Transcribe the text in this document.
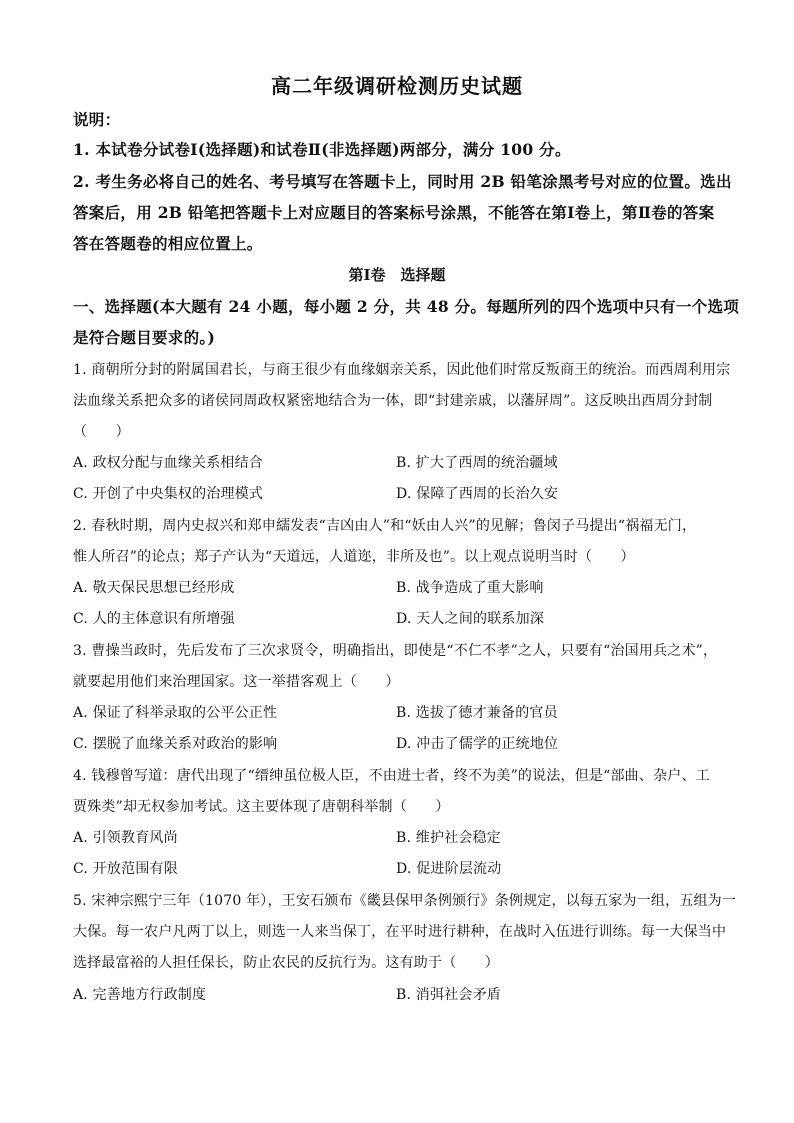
高二年级调研检测历史试题
说明：
1. 本试卷分试卷Ⅰ(选择题)和试卷Ⅱ(非选择题)两部分，满分 100 分。
2. 考生务必将自己的姓名、考号填写在答题卡上，同时用 2B 铅笔涂黑考号对应的位置。选出
答案后，用 2B 铅笔把答题卡上对应题目的答案标号涂黑，不能答在第Ⅰ卷上，第Ⅱ卷的答案
答在答题卷的相应位置上。
第Ⅰ卷　选择题
一、选择题(本大题有 24 小题，每小题 2 分，共 48 分。每题所列的四个选项中只有一个选项
是符合题目要求的。)
1. 商朝所分封的附属国君长，与商王很少有血缘姻亲关系，因此他们时常反叛商王的统治。而西周利用宗
法血缘关系把众多的诸侯同周政权紧密地结合为一体，即“封建亲戚，以藩屏周”。这反映出西周分封制
（　　）
A. 政权分配与血缘关系相结合	B. 扩大了西周的统治疆域
C. 开创了中央集权的治理模式	D. 保障了西周的长治久安
2. 春秋时期，周内史叔兴和郑申繻发表“吉凶由人”和“妖由人兴”的见解；鲁闵子马提出“祸福无门，
惟人所召”的论点；郑子产认为“天道远，人道迩，非所及也”。以上观点说明当时（　　）
A. 敬天保民思想已经形成	B. 战争造成了重大影响
C. 人的主体意识有所增强	D. 天人之间的联系加深
3. 曹操当政时，先后发布了三次求贤令，明确指出，即使是“不仁不孝”之人，只要有“治国用兵之术”，
就要起用他们来治理国家。这一举措客观上（　　）
A. 保证了科举录取的公平公正性	B. 选拔了德才兼备的官员
C. 摆脱了血缘关系对政治的影响	D. 冲击了儒学的正统地位
4. 钱穆曾写道：唐代出现了“缙绅虽位极人臣，不由进士者，终不为美”的说法，但是“部曲、杂户、工
贾殊类”却无权参加考试。这主要体现了唐朝科举制（　　）
A. 引领教育风尚	B. 维护社会稳定
C. 开放范围有限	D. 促进阶层流动
5. 宋神宗熙宁三年（1070 年），王安石颁布《畿县保甲条例颁行》条例规定，以每五家为一组，五组为一
大保。每一农户凡两丁以上，则选一人来当保丁，在平时进行耕种，在战时入伍进行训练。每一大保当中
选择最富裕的人担任保长，防止农民的反抗行为。这有助于（　　）
A. 完善地方行政制度	B. 消弭社会矛盾
